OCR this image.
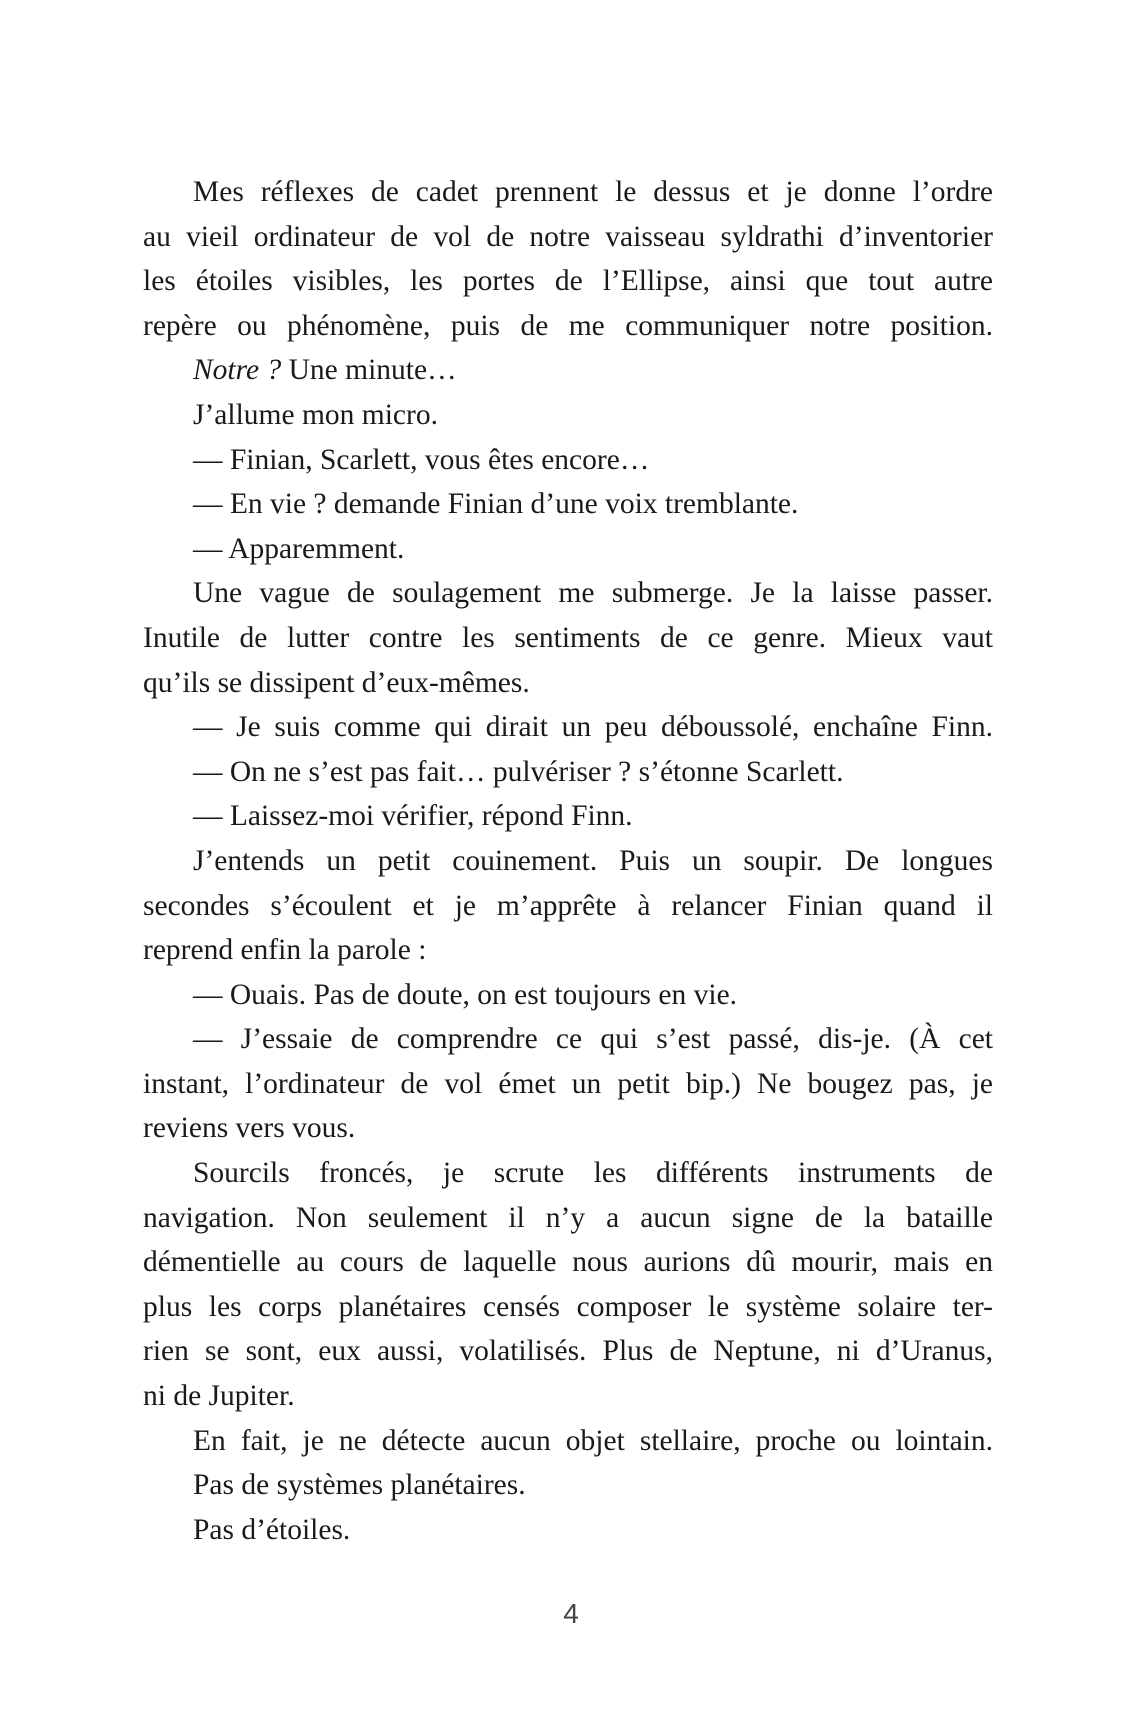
Mes réflexes de cadet prennent le dessus et je donne l’ordre
au vieil ordinateur de vol de notre vaisseau syldrathi d’inventorier
les étoiles visibles, les portes de l’Ellipse, ainsi que tout autre
repère ou phénomène, puis de me communiquer notre position.
Notre ? Une minute…
J’allume mon micro.
— Finian, Scarlett, vous êtes encore…
— En vie ? demande Finian d’une voix tremblante.
— Apparemment.
Une vague de soulagement me submerge. Je la laisse passer.
Inutile de lutter contre les sentiments de ce genre. Mieux vaut
qu’ils se dissipent d’eux-mêmes.
— Je suis comme qui dirait un peu déboussolé, enchaîne Finn.
— On ne s’est pas fait… pulvériser ? s’étonne Scarlett.
— Laissez-moi vérifier, répond Finn.
J’entends un petit couinement. Puis un soupir. De longues
secondes s’écoulent et je m’apprête à relancer Finian quand il
reprend enfin la parole :
— Ouais. Pas de doute, on est toujours en vie.
— J’essaie de comprendre ce qui s’est passé, dis-je. (À cet
instant, l’ordinateur de vol émet un petit bip.) Ne bougez pas, je
reviens vers vous.
Sourcils froncés, je scrute les différents instruments de
navigation. Non seulement il n’y a aucun signe de la bataille
démentielle au cours de laquelle nous aurions dû mourir, mais en
plus les corps planétaires censés composer le système solaire ter-
rien se sont, eux aussi, volatilisés. Plus de Neptune, ni d’Uranus,
ni de Jupiter.
En fait, je ne détecte aucun objet stellaire, proche ou lointain.
Pas de systèmes planétaires.
Pas d’étoiles.
4
